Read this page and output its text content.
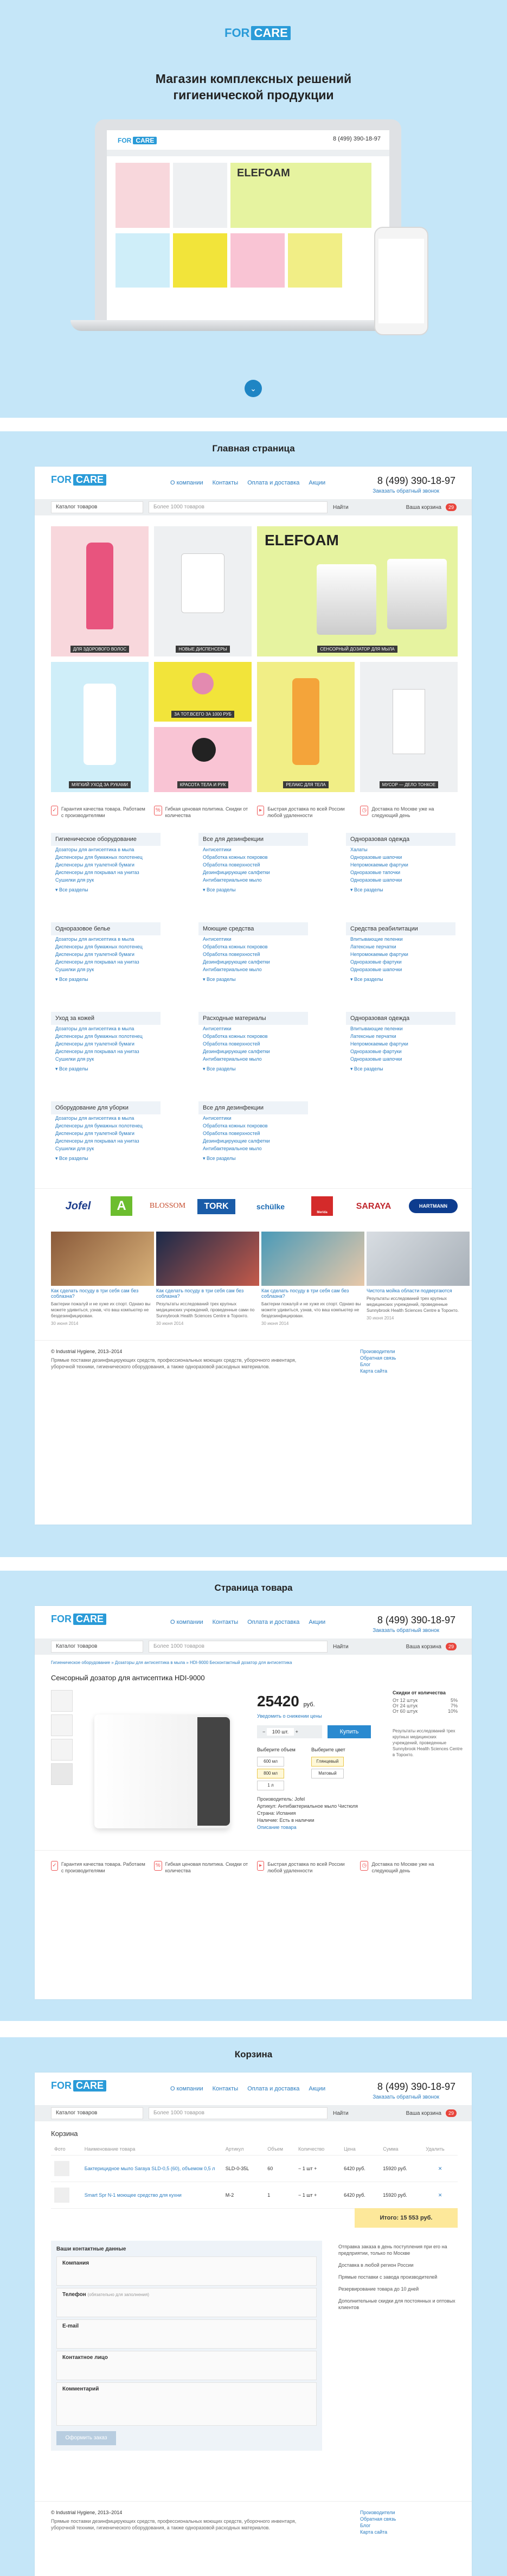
FOR CARE
Магазин комплексных решений
гигиенической продукции
FOR CARE	8 (499) 390-18-97
ELEFOAM
⌄
Главная страница
FOR CARE	О компании Контакты Оплата и доставка Акции	8 (499) 390-18-97
Заказать обратный звонок
Каталог товаров	Более 1000 товаров	Найти	Ваша корзина	29
ДЛЯ ЗДОРОВОГО ВОЛОС	НОВЫЕ ДИСПЕНСЕРЫ
ELEFOAM
СЕНСОРНЫЙ ДОЗАТОР ДЛЯ МЫЛА
МЯГКИЙ УХОД ЗА РУКАМИ
ЗА ТОТ.ВСЕГО ЗА 1000 РУБ
КРАСОТА ТЕЛА И РУК	РЕЛАКС ДЛЯ ТЕЛА	МУСОР — ДЕЛО ТОНКОЕ
✓ Гарантия качества товара. Работаем с производителями
% Гибкая ценовая политика. Скидки от количества
▸	Быстрая доставка по всей России любой удаленности
◷	Доставка по Москве уже на следующий день
Гигиеническое оборудование
Дозаторы для антисептика в мыла
Диспенсеры для бумажных полотенец
Диспенсеры для туалетной бумаги
Диспенсеры для покрывал на унитаз
Сушилки для рук
▾ Все разделы
Все для дезинфекции
Антисептики
Обработка кожных покровов
Обработка поверхностей
Дезинфицирующие салфетки
Антибактериальное мыло
▾ Все разделы
Одноразовая одежда
Халаты
Одноразовые шапочки
Непромокаемые фартуки
Одноразовые тапочки
Одноразовые шапочки
▾ Все разделы
Одноразовое белье
Дозаторы для антисептика в мыла
Диспенсеры для бумажных полотенец
Диспенсеры для туалетной бумаги
Диспенсеры для покрывал на унитаз
Сушилки для рук
▾ Все разделы
Моющие средства
Антисептики
Обработка кожных покровов
Обработка поверхностей
Дезинфицирующие салфетки
Антибактериальное мыло
▾ Все разделы
Средства реабилитации
Впитывающие пеленки
Латексные перчатки
Непромокаемые фартуки
Одноразовые фартуки
Одноразовые шапочки
▾ Все разделы
Уход за кожей
Дозаторы для антисептика в мыла
Диспенсеры для бумажных полотенец
Диспенсеры для туалетной бумаги
Диспенсеры для покрывал на унитаз
Сушилки для рук
▾ Все разделы
Расходные материалы
Антисептики
Обработка кожных покровов
Обработка поверхностей
Дезинфицирующие салфетки
Антибактериальное мыло
▾ Все разделы
Одноразовая одежда
Впитывающие пеленки
Латексные перчатки
Непромокаемые фартуки
Одноразовые фартуки
Одноразовые шапочки
▾ Все разделы
Оборудование для уборки
Дозаторы для антисептика в мыла
Диспенсеры для бумажных полотенец
Диспенсеры для туалетной бумаги
Диспенсеры для покрывал на унитаз
Сушилки для рук
▾ Все разделы
Все для дезинфекции
Антисептики
Обработка кожных покровов
Обработка поверхностей
Дезинфицирующие салфетки
Антибактериальное мыло
▾ Все разделы
Jofel	A	BLOSSOM	TORK	schülke
Merida
SARAYA	HARTMANN
Как сделать посуду в три себя сам без соблазна?
Бактерии пожалуй и не хуже их спорт. Однако вы можете удивиться, узнав, что ваш компьютер не бездезинфицирован.
30 июня 2014
Как сделать посуду в три себя сам без соблазна?
Результаты исследований трех крупных медицинских учреждений, проведенные сами по Sunnybrook Health Sciences Centre в Торонто.
30 июня 2014
Как сделать посуду в три себя сам без соблазна?
Бактерии пожалуй и не хуже их спорт. Однако вы можете удивиться, узнав, что ваш компьютер не бездезинфицирован.
30 июня 2014
Чистота мойка области подвергаются
Результаты исследований трех крупных медицинских учреждений, проведенные Sunnybrook Health Sciences Centre в Торонто.
30 июня 2014
© Industrial Hygiene, 2013–2014
Прямые поставки дезинфицирующих средств, профессиональных моющих средств, уборочного инвентаря, уборочной техники, гигиенического оборудования, а также одноразовой расходных материалов.
Производители
Обратная связь
Блог
Карта сайта
Страница товара
FOR CARE	О компании Контакты Оплата и доставка Акции	8 (499) 390-18-97
Заказать обратный звонок
Каталог товаров	Более 1000 товаров	Найти	Ваша корзина	29
Гигиеническое оборудование » Дозаторы для антисептика в мыла » HDI-9000 Бесконтактный дозатор для антисептика
Сенсорный дозатор для антисептика HDI-9000
25420 руб.
Уведомить о снижении цены
− 100 шт. +	Купить
Скидки от количества
От 12 штук	5%
От 24 штук	7%
От 60 штук	10%
Результаты исследований трех крупных медицинских учреждений, проведенные Sunnybrook Health Sciences Centre в Торонто.
Выберите объем
600 мл
800 мл
1 л
Выберите цвет
Глянцевый
Матовый
Производитель: Jofel
Артикул: Антибактериальное мыло Чистюля
Страна: Испания
Наличие: Есть в наличии
Описание товара
✓ Гарантия качества товара. Работаем с производителями
% Гибкая ценовая политика. Скидки от количества
▸	Быстрая доставка по всей России любой удаленности
◷	Доставка по Москве уже на следующий день
Корзина
FOR CARE	О компании Контакты Оплата и доставка Акции	8 (499) 390-18-97
Заказать обратный звонок
Каталог товаров	Более 1000 товаров	Найти	Ваша корзина	29
Корзина
Фото	Наименование товара	Артикул	Объем	Количество	Цена	Сумма	Удалить

	Бактерицидное мыло Saraya SLD-0,5 (60), объемом 0,5 л	SLD-0-35L	60	− 1 шт +	6420 руб.	15920 руб.	✕

	Smart Spr N-1 моющее средство для кухни	M-2	1	− 1 шт +	6420 руб.	15920 руб.	✕
Итого: 15 553 руб.
Ваши контактные данные
Компания
Телефон (обязательно для заполнения)
E-mail
Контактное лицо
Комментарий
Оформить заказ
Отправка заказа в день поступления при его на предприятии, только по Москве
Доставка в любой регион России
Прямые поставки с завода производителей
Резервирование товара до 10 дней
Дополнительные скидки для постоянных и оптовых клиентов
© Industrial Hygiene, 2013–2014
Прямые поставки дезинфицирующих средств, профессиональных моющих средств, уборочного инвентаря, уборочной техники, гигиенического оборудования, а также одноразовой расходных материалов.
Производители
Обратная связь
Блог
Карта сайта
